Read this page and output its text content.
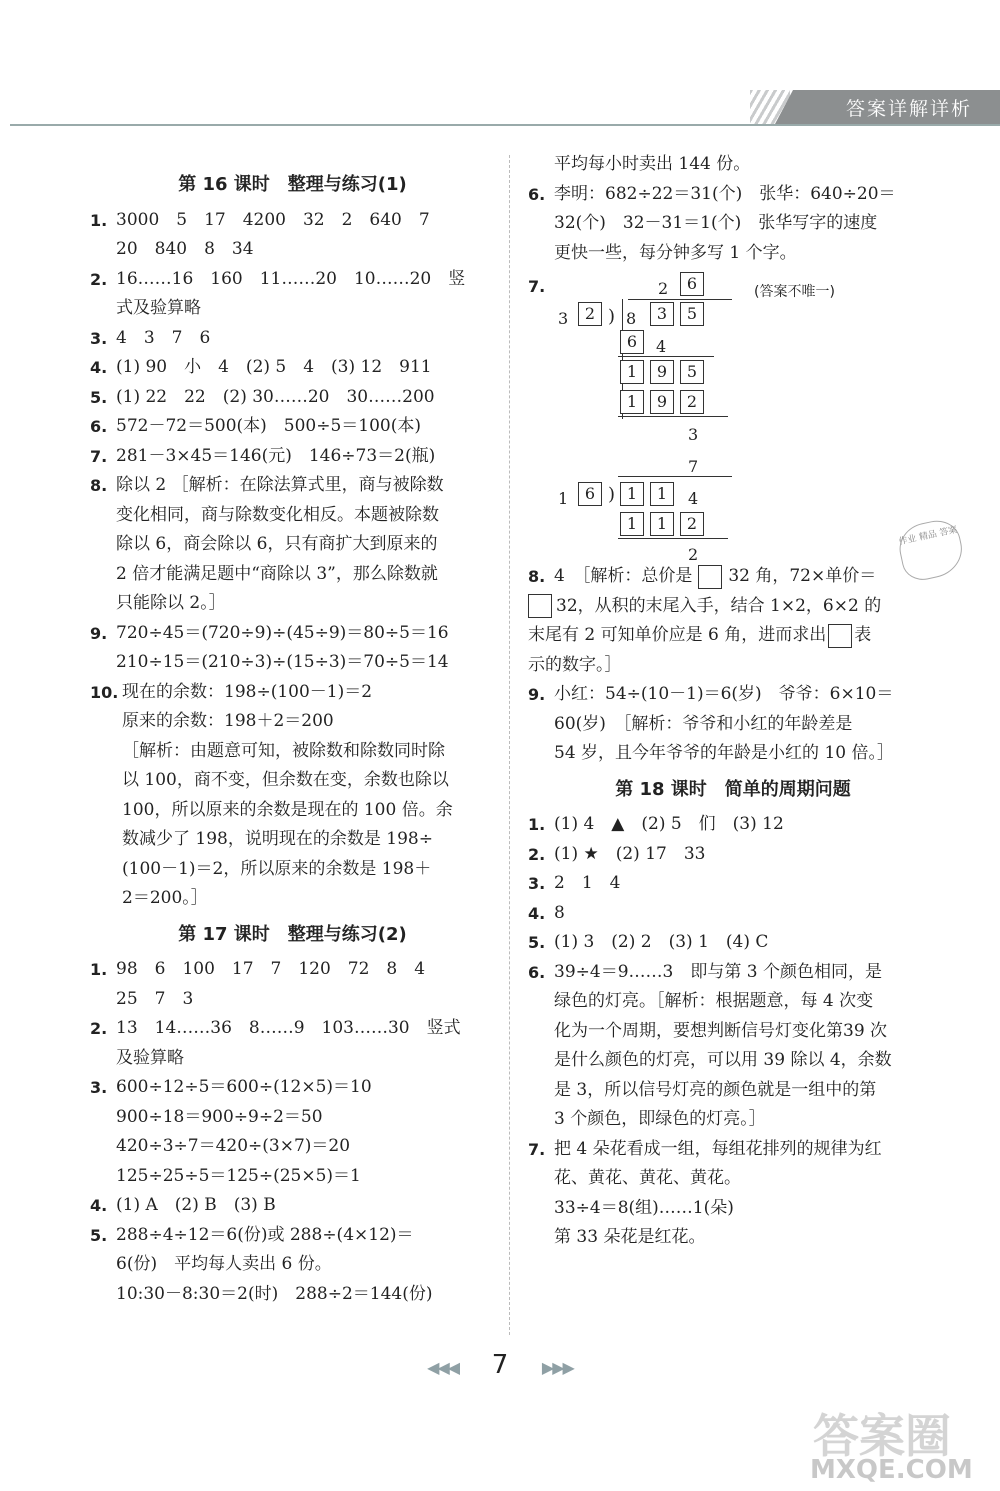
答案详解详析
第 16 课时　整理与练习(1)
1. 3000　5　17　4200　32　2　640　7
20　840　8　34
2. 16……16　160　11……20　10……20　竖
式及验算略
3. 4　3　7　6
4. (1) 90　小　4　(2) 5　4　(3) 12　911
5. (1) 22　22　(2) 30……20　30……200
6. 572－72＝500(本)　500÷5＝100(本)
7. 281－3×45＝146(元)　146÷73＝2(瓶)
8. 除以 2 ［解析：在除法算式里，商与被除数
变化相同，商与除数变化相反。本题被除数
除以 6，商会除以 6，只有商扩大到原来的
2 倍才能满足题中“商除以 3”，那么除数就
只能除以 2。］
9. 720÷45＝(720÷9)÷(45÷9)＝80÷5＝16
210÷15＝(210÷3)÷(15÷3)＝70÷5＝14
10. 现在的余数：198÷(100－1)＝2
原来的余数：198＋2＝200
［解析：由题意可知，被除数和除数同时除
以 100，商不变，但余数在变，余数也除以
100，所以原来的余数是现在的 100 倍。余
数减少了 198，说明现在的余数是 198÷
(100－1)＝2，所以原来的余数是 198＋
2＝200。］
第 17 课时　整理与练习(2)
1. 98　6　100　17　7　120　72　8　4
25　7　3
2. 13　14……36　8……9　103……30　竖式
及验算略
3. 600÷12÷5＝600÷(12×5)＝10
900÷18＝900÷9÷2＝50
420÷3÷7＝420÷(3×7)＝20
125÷25÷5＝125÷(25×5)＝1
4. (1) A　(2) B　(3) B
5. 288÷4÷12＝6(份)或 288÷(4×12)＝
6(份)　平均每人卖出 6 份。
10:30－8:30＝2(时)　288÷2＝144(份)
平均每小时卖出 144 份。
6. 李明：682÷22＝31(个)　张华：640÷20＝
32(个)　32－31＝1(个)　张华写字的速度
更快一些，每分钟多写 1 个字。
7.	(答案不唯一)
2	6
3	2 ) 8	3	5
6	4
1	9	5
1	9	2
3
7
1	6 ) 1	1	4
1	1	2
2
8. 4　［解析：总价是 32 角，72×单价＝
32，从积的末尾入手，结合 1×2，6×2 的
末尾有 2 可知单价应是 6 角，进而求出 表
示的数字。］
9. 小红：54÷(10－1)＝6(岁)　爷爷：6×10＝
60(岁)　［解析：爷爷和小红的年龄差是
54 岁，且今年爷爷的年龄是小红的 10 倍。］
第 18 课时　简单的周期问题
1. (1) 4　▲　(2) 5　们　(3) 12
2. (1) ★　(2) 17　33
3. 2　1　4
4. 8
5. (1) 3　(2) 2　(3) 1　(4) C
6. 39÷4＝9……3　即与第 3 个颜色相同，是
绿色的灯亮。［解析：根据题意，每 4 次变
化为一个周期，要想判断信号灯变化第39 次
是什么颜色的灯亮，可以用 39 除以 4，余数
是 3，所以信号灯亮的颜色就是一组中的第
3 个颜色，即绿色的灯亮。］
7. 把 4 朵花看成一组，每组花排列的规律为红
花、黄花、黄花、黄花。
33÷4＝8(组)……1(朵)
第 33 朵花是红花。
作业 精品 答案
◀◀◀ 7 ▶▶▶
答案圈
MXQE.COM
